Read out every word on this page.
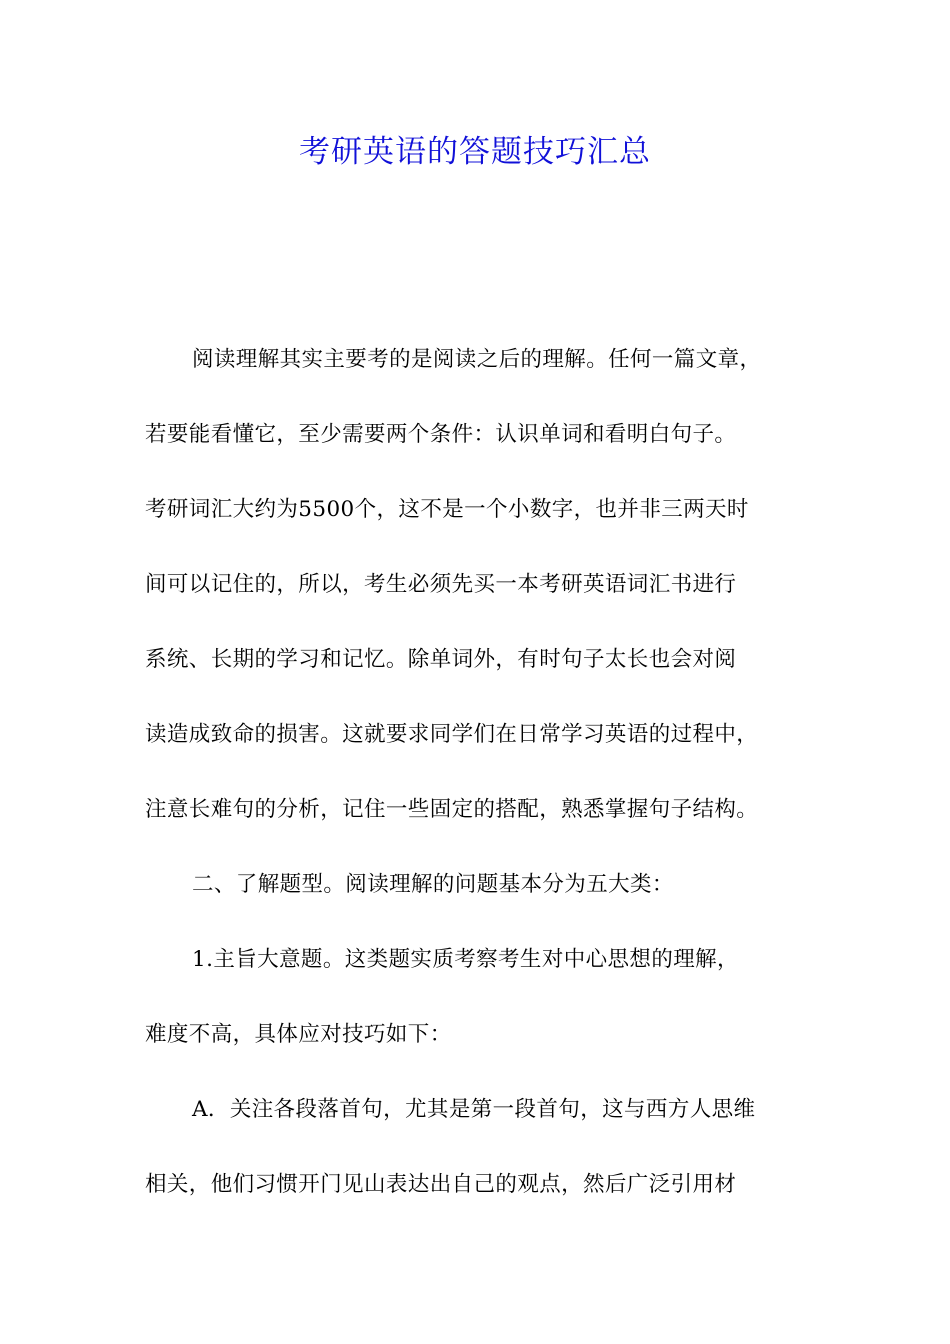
考研英语的答题技巧汇总
阅读理解其实主要考的是阅读之后的理解。任何一篇文章，
若要能看懂它，至少需要两个条件：认识单词和看明白句子。
考研词汇大约为5500个，这不是一个小数字，也并非三两天时
间可以记住的，所以，考生必须先买一本考研英语词汇书进行
系统、长期的学习和记忆。除单词外，有时句子太长也会对阅
读造成致命的损害。这就要求同学们在日常学习英语的过程中，
注意长难句的分析，记住一些固定的搭配，熟悉掌握句子结构。
二、了解题型。阅读理解的问题基本分为五大类：
1.主旨大意题。这类题实质考察考生对中心思想的理解，
难度不高，具体应对技巧如下：
A．关注各段落首句，尤其是第一段首句，这与西方人思维
相关，他们习惯开门见山表达出自己的观点，然后广泛引用材
